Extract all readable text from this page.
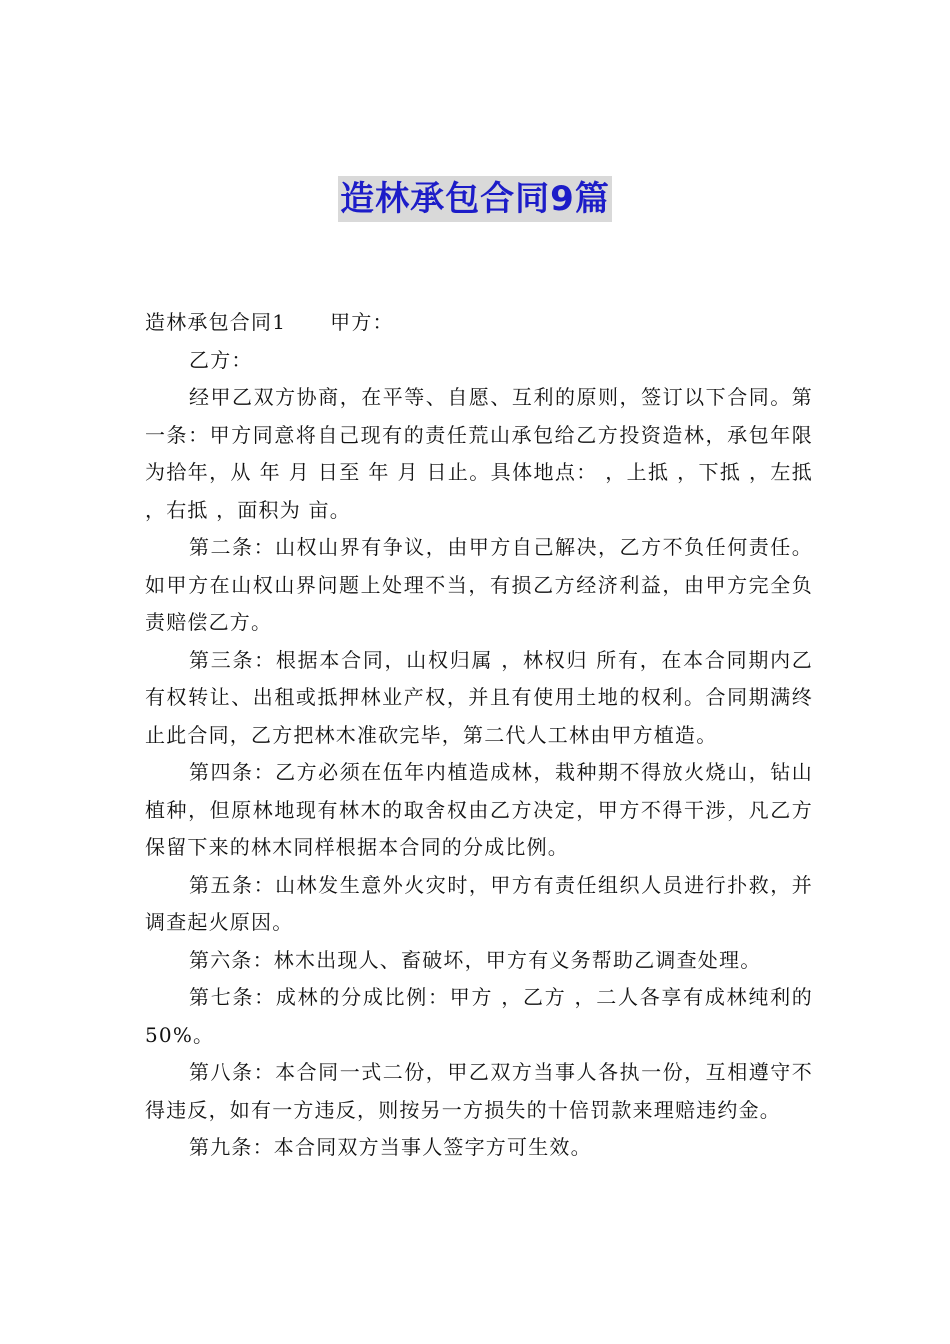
造林承包合同9篇

造林承包合同1 甲方：

乙方：

经甲乙双方协商，在平等、自愿、互利的原则，签订以下合同。第一条：甲方同意将自己现有的责任荒山承包给乙方投资造林，承包年限为拾年，从 年 月 日至 年 月 日止。具体地点： ，上抵 ，下抵 ，左抵 ，右抵 ，面积为 亩。

第二条：山权山界有争议，由甲方自己解决，乙方不负任何责任。如甲方在山权山界问题上处理不当，有损乙方经济利益，由甲方完全负责赔偿乙方。

第三条：根据本合同，山权归属 ，林权归 所有，在本合同期内乙有权转让、出租或抵押林业产权，并且有使用土地的权利。合同期满终止此合同，乙方把林木准砍完毕，第二代人工林由甲方植造。

第四条：乙方必须在伍年内植造成林，栽种期不得放火烧山，钻山植种，但原林地现有林木的取舍权由乙方决定，甲方不得干涉，凡乙方保留下来的林木同样根据本合同的分成比例。

第五条：山林发生意外火灾时，甲方有责任组织人员进行扑救，并调查起火原因。

第六条：林木出现人、畜破坏，甲方有义务帮助乙调查处理。

第七条：成林的分成比例：甲方 ，乙方 ，二人各享有成林纯利的 50%。

第八条：本合同一式二份，甲乙双方当事人各执一份，互相遵守不得违反，如有一方违反，则按另一方损失的十倍罚款来理赔违约金。

第九条：本合同双方当事人签字方可生效。
